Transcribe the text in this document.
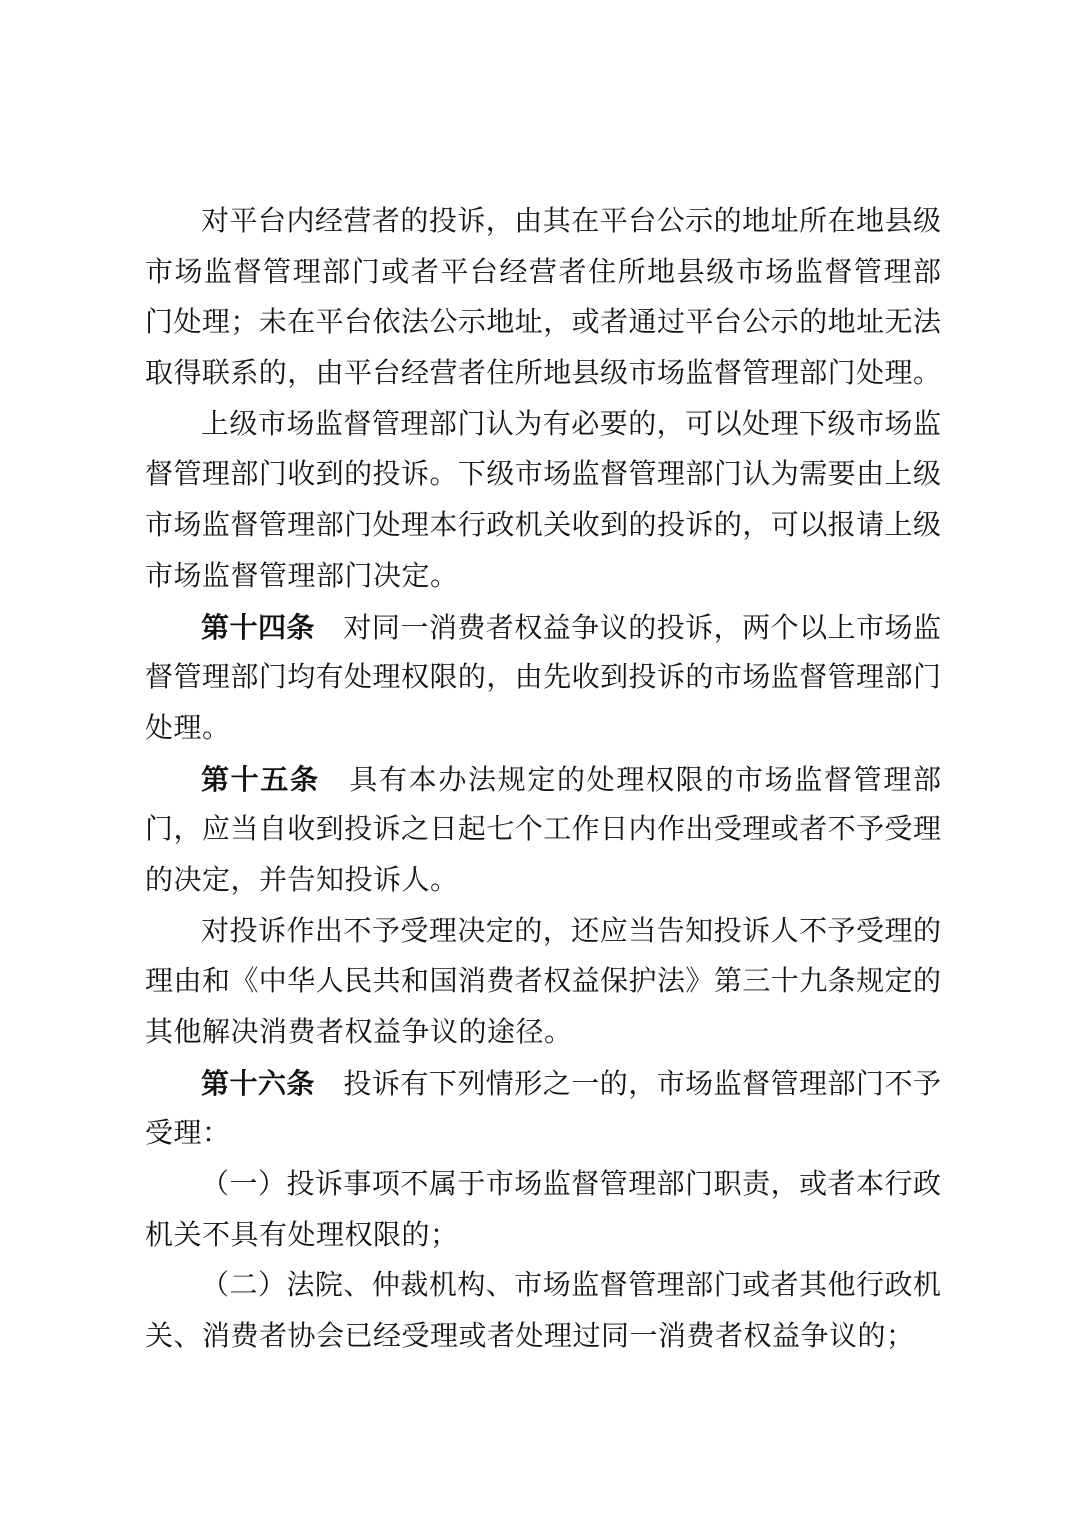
对平台内经营者的投诉，由其在平台公示的地址所在地县级
市场监督管理部门或者平台经营者住所地县级市场监督管理部
门处理；未在平台依法公示地址，或者通过平台公示的地址无法
取得联系的，由平台经营者住所地县级市场监督管理部门处理。
上级市场监督管理部门认为有必要的，可以处理下级市场监
督管理部门收到的投诉。下级市场监督管理部门认为需要由上级
市场监督管理部门处理本行政机关收到的投诉的，可以报请上级
市场监督管理部门决定。
第十四条　对同一消费者权益争议的投诉，两个以上市场监
督管理部门均有处理权限的，由先收到投诉的市场监督管理部门
处理。
第十五条　具有本办法规定的处理权限的市场监督管理部
门，应当自收到投诉之日起七个工作日内作出受理或者不予受理
的决定，并告知投诉人。
对投诉作出不予受理决定的，还应当告知投诉人不予受理的
理由和《中华人民共和国消费者权益保护法》第三十九条规定的
其他解决消费者权益争议的途径。
第十六条　投诉有下列情形之一的，市场监督管理部门不予
受理：
（一）投诉事项不属于市场监督管理部门职责，或者本行政
机关不具有处理权限的；
（二）法院、仲裁机构、市场监督管理部门或者其他行政机
关、消费者协会已经受理或者处理过同一消费者权益争议的；
